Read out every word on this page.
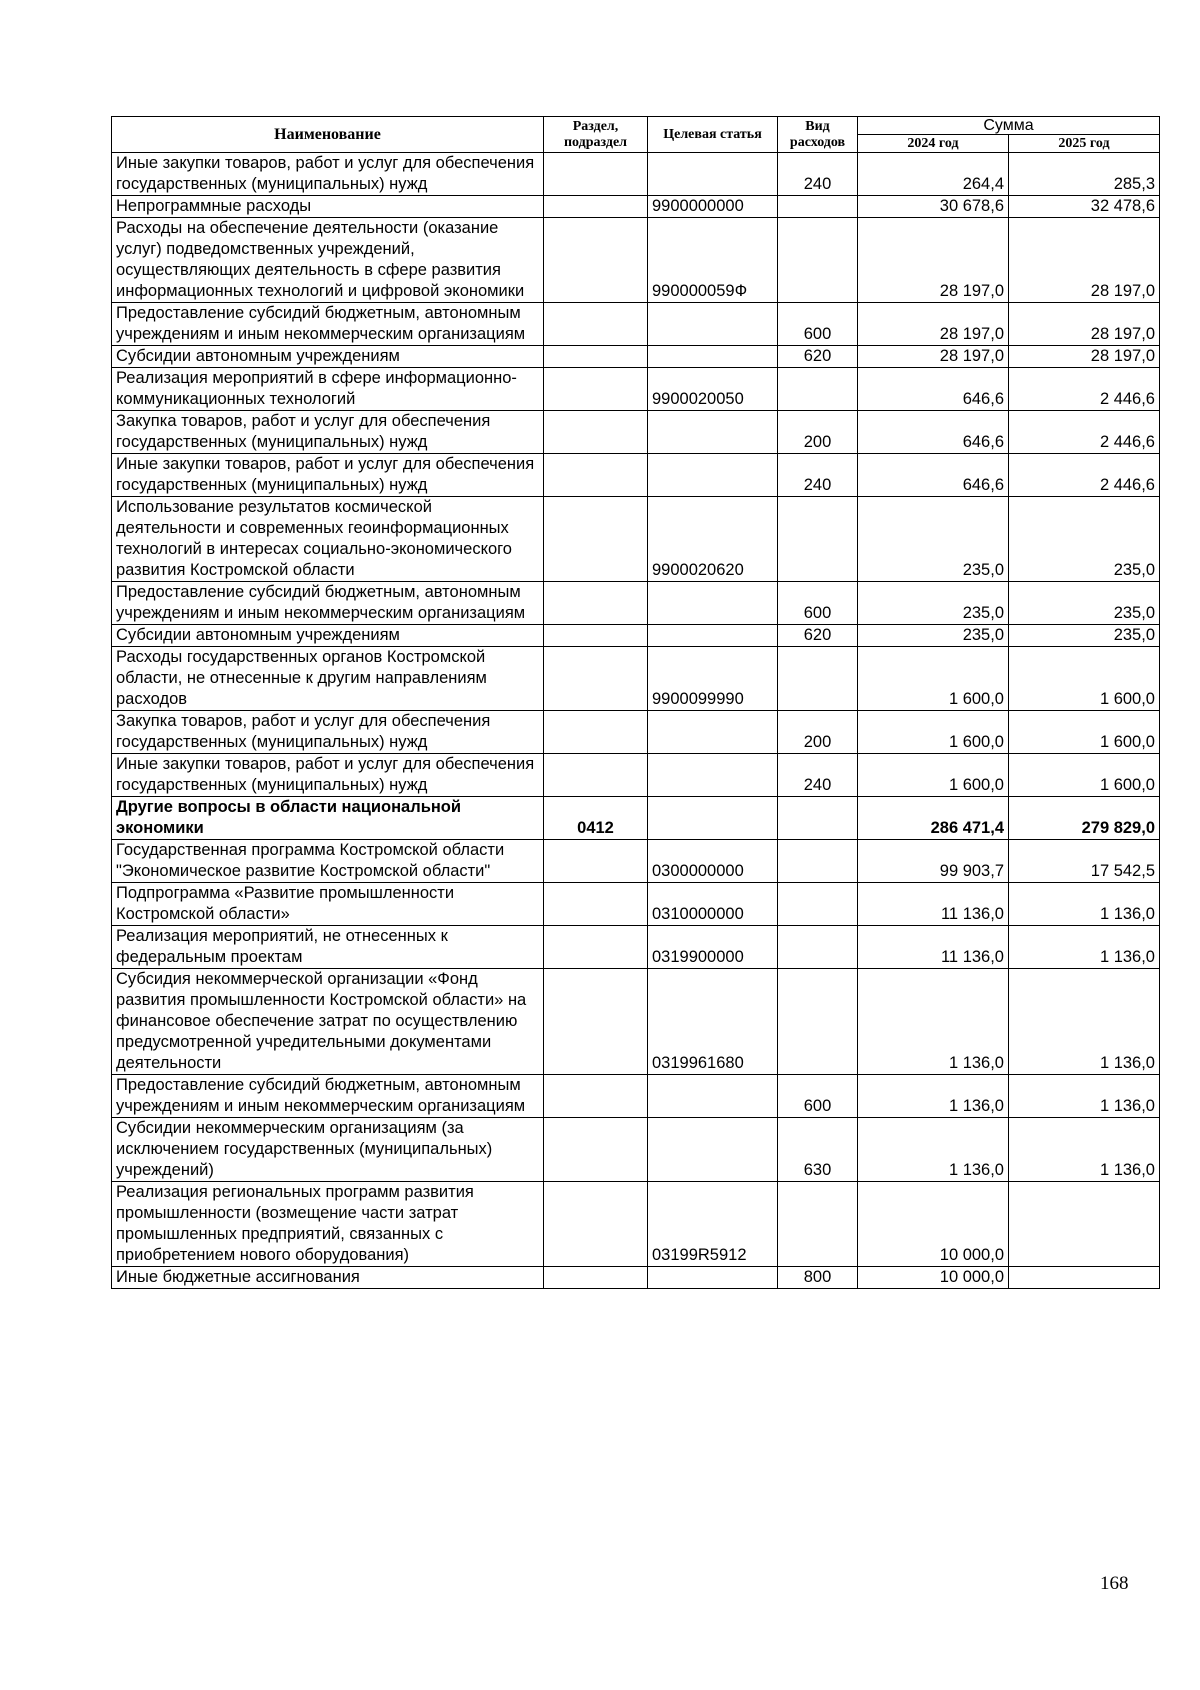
Наименование	Раздел, подраздел	Целевая статья	Вид расходов	Сумма	
				2024 год	2025 год
Иные закупки товаров, работ и услуг для обеспечения государственных (муниципальных) нужд			240	264,4	285,3
Непрограммные расходы		9900000000		30 678,6	32 478,6
Расходы на обеспечение деятельности (оказание услуг) подведомственных учреждений, осуществляющих деятельность в сфере развития информационных технологий и цифровой экономики		990000059Ф		28 197,0	28 197,0
Предоставление субсидий бюджетным, автономным учреждениям и иным некоммерческим организациям			600	28 197,0	28 197,0
Субсидии автономным учреждениям			620	28 197,0	28 197,0
Реализация мероприятий в сфере информационно-коммуникационных технологий		9900020050		646,6	2 446,6
Закупка товаров, работ и услуг для обеспечения государственных (муниципальных) нужд			200	646,6	2 446,6
Иные закупки товаров, работ и услуг для обеспечения государственных (муниципальных) нужд			240	646,6	2 446,6
Использование результатов космической деятельности и современных геоинформационных технологий в интересах социально-экономического развития Костромской области		9900020620		235,0	235,0
Предоставление субсидий бюджетным, автономным учреждениям и иным некоммерческим организациям			600	235,0	235,0
Субсидии автономным учреждениям			620	235,0	235,0
Расходы государственных органов Костромской области, не отнесенные к другим направлениям расходов		9900099990		1 600,0	1 600,0
Закупка товаров, работ и услуг для обеспечения государственных (муниципальных) нужд			200	1 600,0	1 600,0
Иные закупки товаров, работ и услуг для обеспечения государственных (муниципальных) нужд			240	1 600,0	1 600,0
Другие вопросы в области национальной экономики	0412			286 471,4	279 829,0
Государственная программа Костромской области "Экономическое развитие Костромской области"		0300000000		99 903,7	17 542,5
Подпрограмма «Развитие промышленности Костромской области»		0310000000		11 136,0	1 136,0
Реализация мероприятий, не отнесенных к федеральным проектам		0319900000		11 136,0	1 136,0
Субсидия некоммерческой организации «Фонд развития промышленности Костромской области» на финансовое обеспечение затрат по осуществлению предусмотренной учредительными документами деятельности		0319961680		1 136,0	1 136,0
Предоставление субсидий бюджетным, автономным учреждениям и иным некоммерческим организациям			600	1 136,0	1 136,0
Субсидии некоммерческим организациям (за исключением государственных (муниципальных) учреждений)			630	1 136,0	1 136,0
Реализация региональных программ развития промышленности (возмещение части затрат промышленных предприятий, связанных с приобретением нового оборудования)		03199R5912		10 000,0	
Иные бюджетные ассигнования			800	10 000,0	
168
